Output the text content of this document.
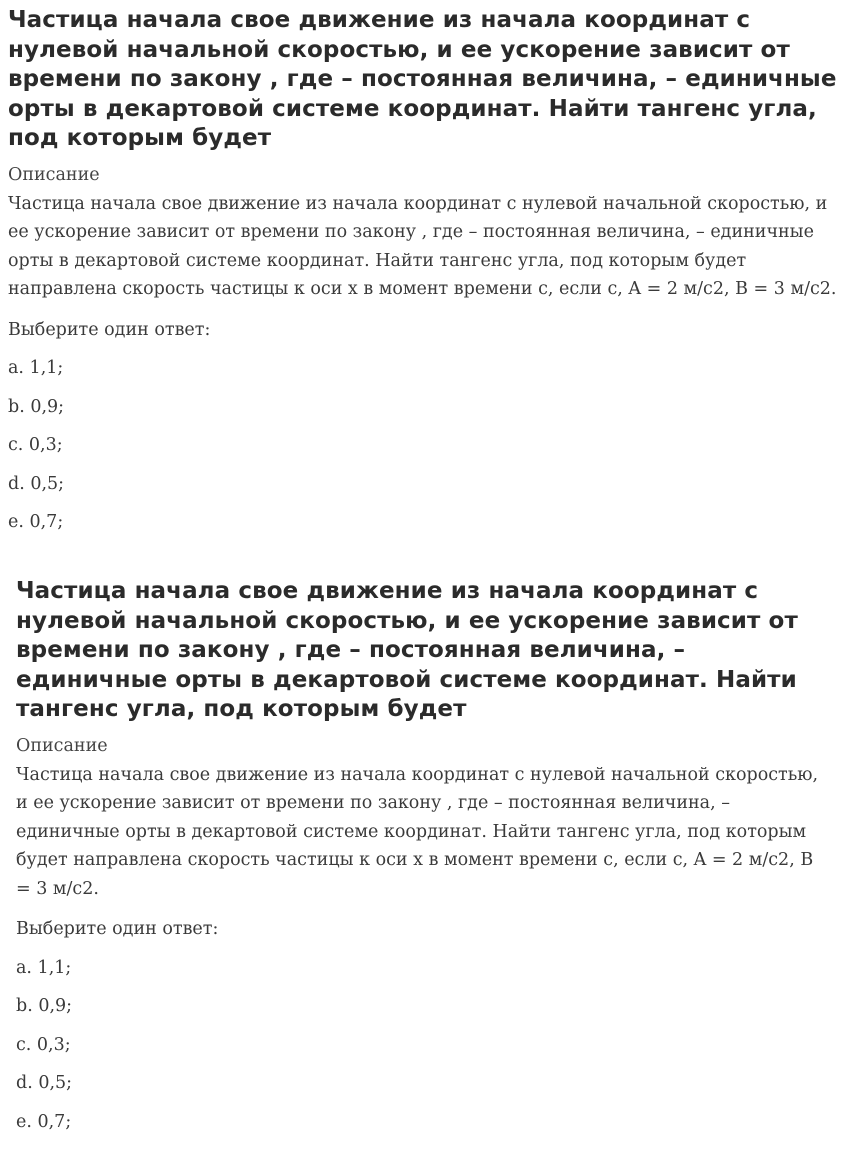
Частица начала свое движение из начала координат с нулевой начальной скоростью, и ее ускорение зависит от времени по закону , где – постоянная величина, – единичные орты в декартовой системе координат. Найти тангенс угла, под которым будет
Описание
Частица начала свое движение из начала координат с нулевой начальной скоростью, и ее ускорение зависит от времени по закону , где – постоянная величина, – единичные орты в декартовой системе координат. Найти тангенс угла, под которым будет направлена скорость частицы к оси x в момент времени с, если с, A = 2 м/с2, B = 3 м/с2.
Выберите один ответ:
a. 1,1;
b. 0,9;
c. 0,3;
d. 0,5;
e. 0,7;
Частица начала свое движение из начала координат с нулевой начальной скоростью, и ее ускорение зависит от времени по закону , где – постоянная величина, – единичные орты в декартовой системе координат. Найти тангенс угла, под которым будет
Описание
Частица начала свое движение из начала координат с нулевой начальной скоростью, и ее ускорение зависит от времени по закону , где – постоянная величина, – единичные орты в декартовой системе координат. Найти тангенс угла, под которым будет направлена скорость частицы к оси x в момент времени с, если с, A = 2 м/с2, B = 3 м/с2.
Выберите один ответ:
a. 1,1;
b. 0,9;
c. 0,3;
d. 0,5;
e. 0,7;
